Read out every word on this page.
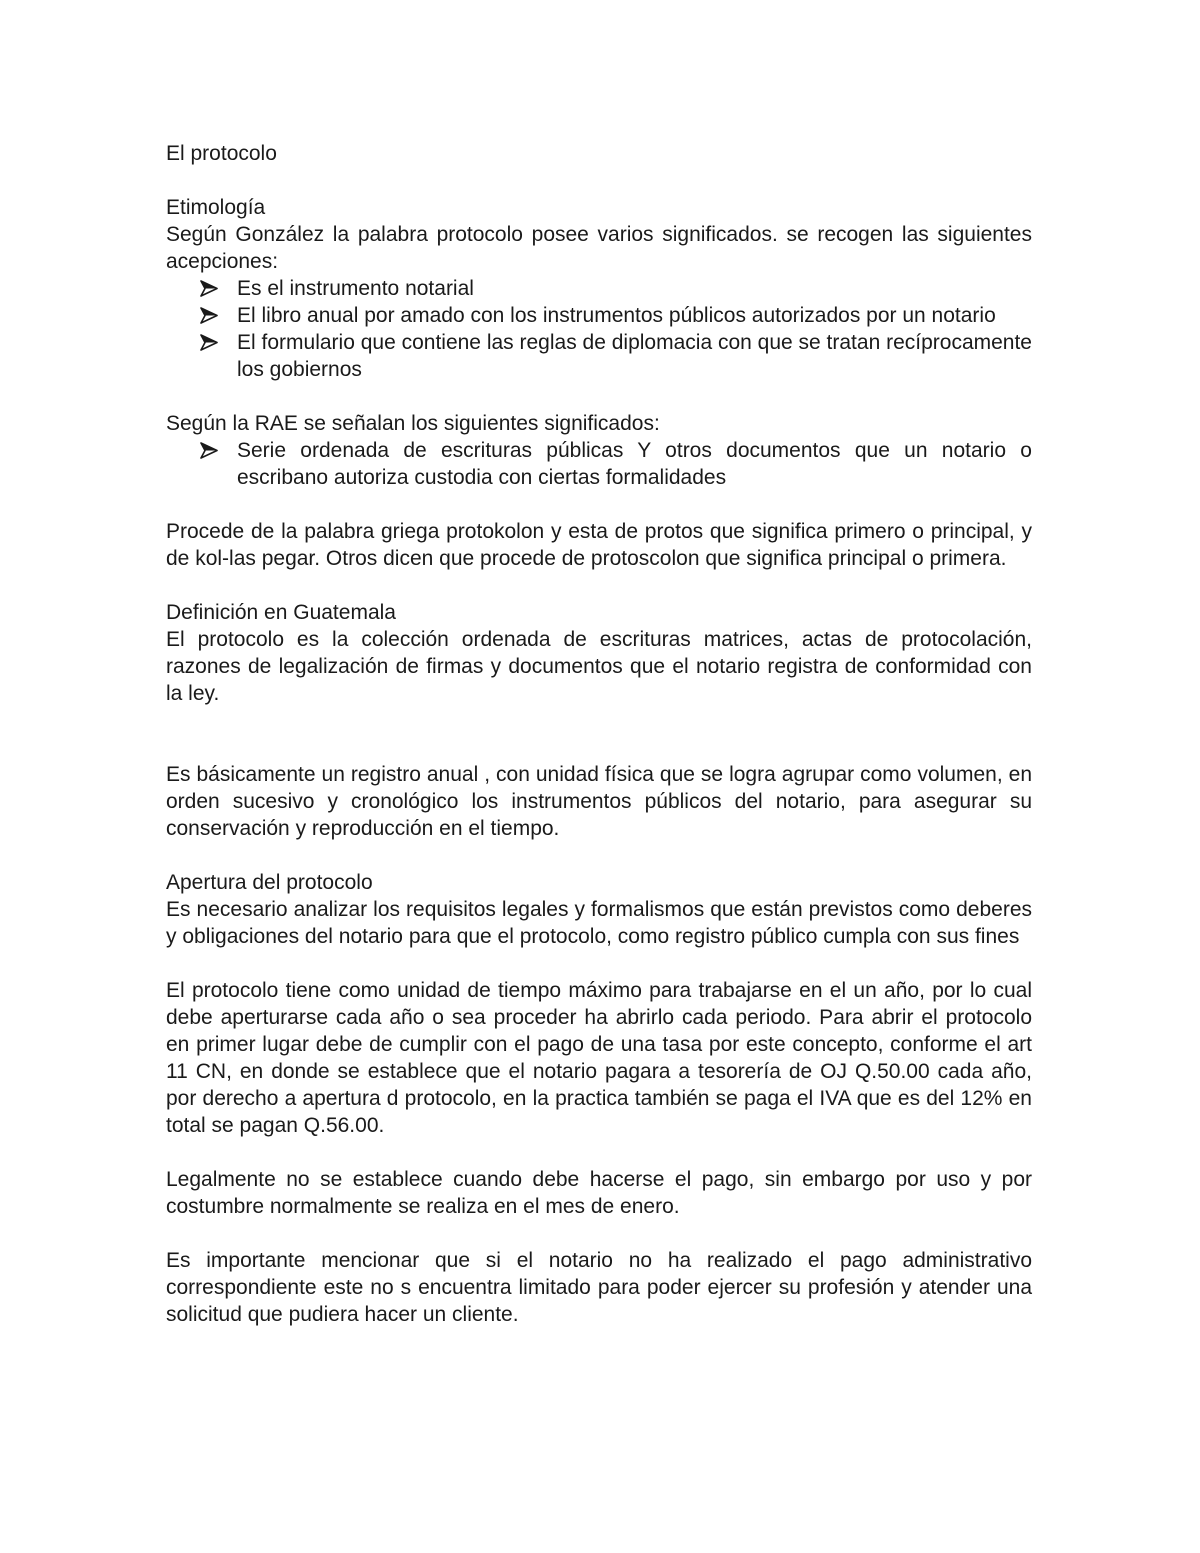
El protocolo

Etimología

Según González la palabra protocolo posee varios significados. se recogen las siguientes acepciones:

Es el instrumento notarial
El libro anual por amado con los instrumentos públicos autorizados por un notario
El formulario que contiene las reglas de diplomacia con que se tratan recíprocamente los gobiernos

Según la RAE se señalan los siguientes significados:

Serie ordenada de escrituras públicas Y otros documentos que un notario o escribano autoriza custodia con ciertas formalidades

Procede de la palabra griega protokolon y esta de protos que significa primero o principal, y de kol-las pegar. Otros dicen que procede de protoscolon que significa principal o primera.

Definición en Guatemala

El protocolo es la colección ordenada de escrituras matrices, actas de protocolación, razones de legalización de firmas y documentos que el notario registra de conformidad con la ley.

Es básicamente un registro anual , con unidad física que se logra agrupar como volumen, en orden sucesivo y cronológico los instrumentos públicos del notario, para asegurar su conservación y reproducción en el tiempo.

Apertura del protocolo

Es necesario analizar los requisitos legales y formalismos que están previstos como deberes y obligaciones del notario para que el protocolo, como registro público cumpla con sus fines

El protocolo tiene como unidad de tiempo máximo para trabajarse en el un año, por lo cual debe aperturarse cada año o sea proceder ha abrirlo cada periodo. Para abrir el protocolo en primer lugar debe de cumplir con el pago de una tasa por este concepto, conforme el art 11 CN, en donde se establece que el notario pagara a tesorería de OJ Q.50.00 cada año, por derecho a apertura d protocolo, en la practica también se paga el IVA que es del 12% en total se pagan Q.56.00.

Legalmente no se establece cuando debe hacerse el pago, sin embargo por uso y por costumbre normalmente se realiza en el mes de enero.

Es importante mencionar que si el notario no ha realizado el pago administrativo correspondiente este no s encuentra limitado para poder ejercer su profesión y atender una solicitud que pudiera hacer un cliente.
